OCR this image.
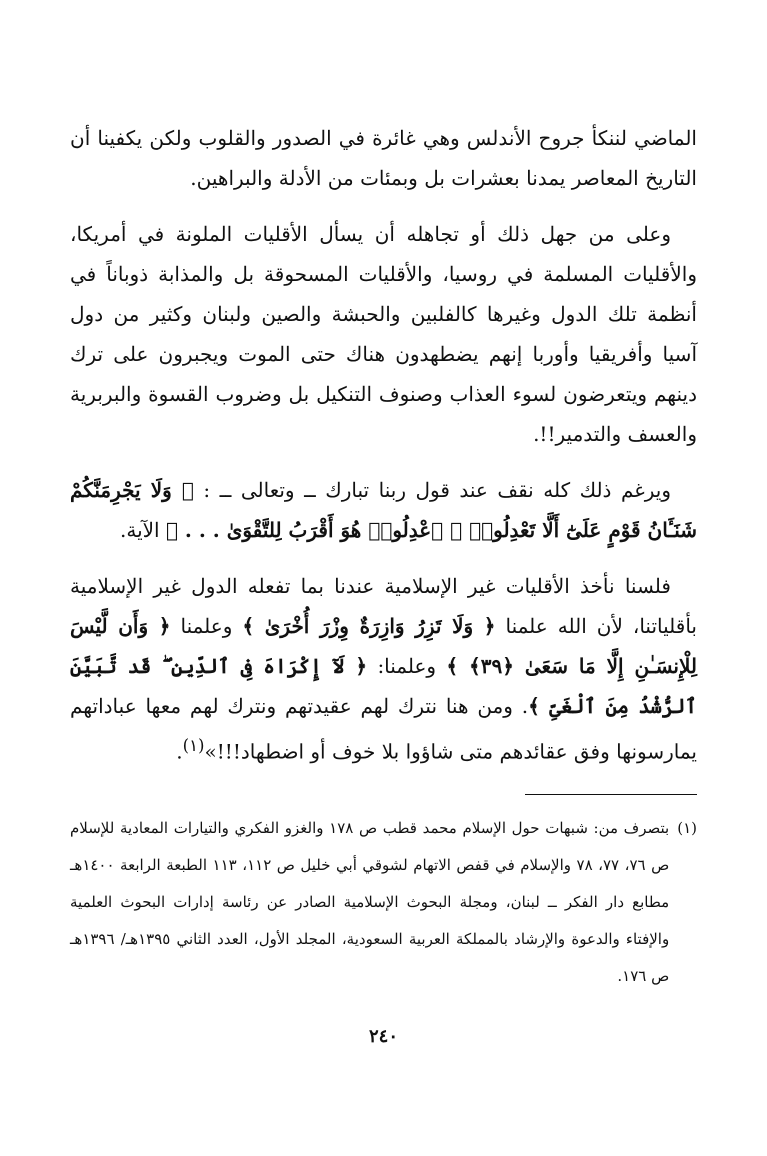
الماضي لننكأ جروح الأندلس وهي غائرة في الصدور والقلوب ولكن يكفينا أن التاريخ المعاصر يمدنا بعشرات بل وبمئات من الأدلة والبراهين.

وعلى من جهل ذلك أو تجاهله أن يسأل الأقليات الملونة في أمريكا، والأقليات المسلمة في روسيا، والأقليات المسحوقة بل والمذابة ذوباناً في أنظمة تلك الدول وغيرها كالفلبين والحبشة والصين ولبنان وكثير من دول آسيا وأفريقيا وأوربا إنهم يضطهدون هناك حتى الموت ويجبرون على ترك دينهم ويتعرضون لسوء العذاب وصنوف التنكيل بل وضروب القسوة والبربرية والعسف والتدمير!!.

ويرغم ذلك كله نقف عند قول ربنا تبارك ــ وتعالى ــ : ﴿ وَلَا يَجْرِمَنَّكُمْ شَنَـَٔانُ قَوْمٍ عَلَىٰٓ أَلَّا تَعْدِلُوا۟ ۚ ٱعْدِلُوا۟ هُوَ أَقْرَبُ لِلتَّقْوَىٰ . . . ﴾ الآية.

فلسنا نأخذ الأقليات غير الإسلامية عندنا بما تفعله الدول غير الإسلامية بأقلياتنا، لأن الله علمنا ﴿ وَلَا تَزِرُ وَازِرَةٌ وِزْرَ أُخْرَىٰ ﴾ وعلمنا ﴿ وَأَن لَّيْسَ لِلْإِنسَـٰنِ إِلَّا مَا سَعَىٰ ﴿٣٩﴾ ﴾ وعلمنا: ﴿ لَآ إِكْرَاهَ فِى ٱلدِّينِ ۖ قَد تَّبَيَّنَ ٱلرُّشْدُ مِنَ ٱلْغَىِّ ﴾. ومن هنا نترك لهم عقيدتهم ونترك لهم معها عباداتهم يمارسونها وفق عقائدهم متى شاؤوا بلا خوف أو اضطهاد!!!»$^{(١)}$.

(١)
بتصرف من: شبهات حول الإسلام محمد قطب ص ١٧٨ والغزو الفكري والتيارات المعادية للإسلام ص ٧٦، ٧٧، ٧٨ والإسلام في قفص الاتهام لشوقي أبي خليل ص ١١٢، ١١٣ الطبعة الرابعة ١٤٠٠هـ مطابع دار الفكر ــ لبنان، ومجلة البحوث الإسلامية الصادر عن رئاسة إدارات البحوث العلمية والإفتاء والدعوة والإرشاد بالمملكة العربية السعودية، المجلد الأول، العدد الثاني ١٣٩٥هـ/ ١٣٩٦هـ ص ١٧٦.

٢٤٠
